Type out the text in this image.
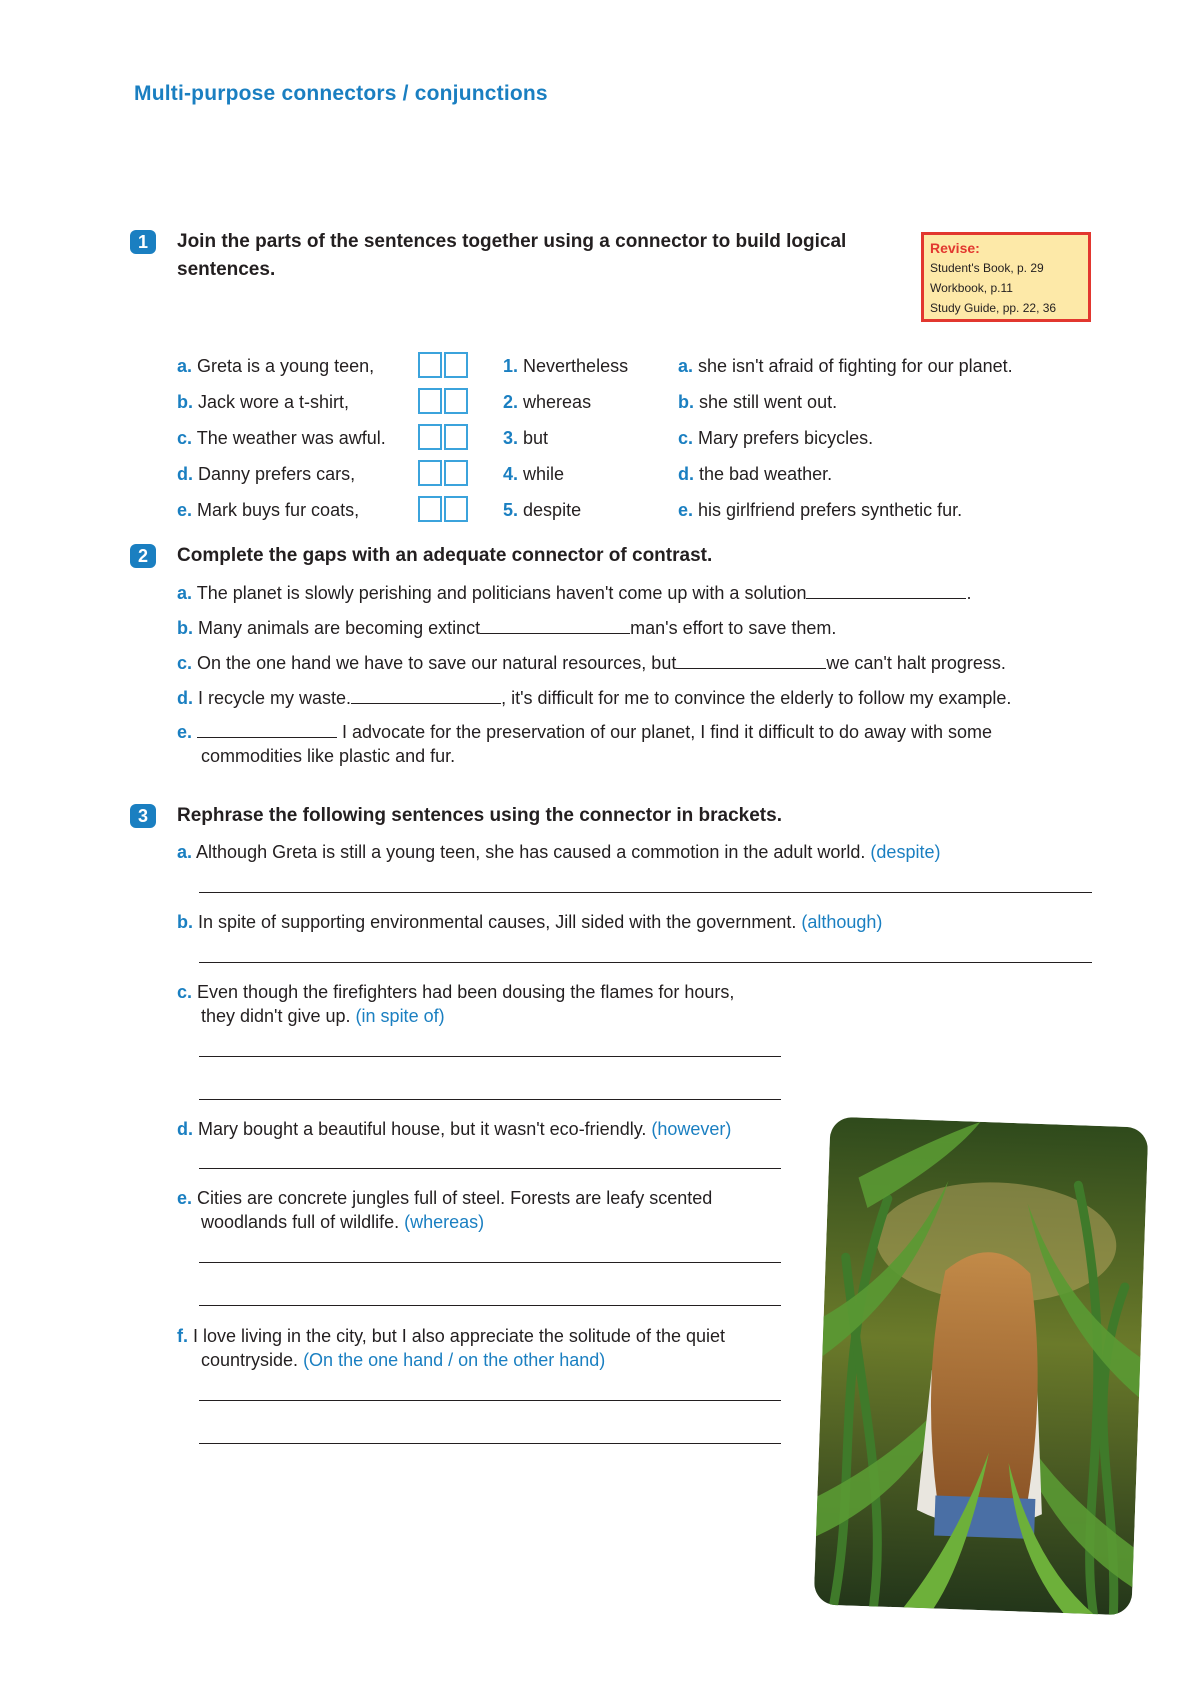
Multi-purpose connectors / conjunctions
1	Join the parts of the sentences together using a connector to build logical
sentences.
Revise:
Student's Book, p. 29
Workbook, p.11
Study Guide, pp. 22, 36
a. Greta is a young teen,	1. Nevertheless	a. she isn't afraid of fighting for our planet.
b. Jack wore a t-shirt,	2. whereas	b. she still went out.
c. The weather was awful.	3. but	c. Mary prefers bicycles.
d. Danny prefers cars,	4. while	d. the bad weather.
e. Mark buys fur coats,	5. despite	e. his girlfriend prefers synthetic fur.
2	Complete the gaps with an adequate connector of contrast.
a. The planet is slowly perishing and politicians haven't come up with a solution	.
b. Many animals are becoming extinct	man's effort to save them.
c. On the one hand we have to save our natural resources, but	we can't halt progress.
d. I recycle my waste.	, it's difficult for me to convince the elderly to follow my example.
e.	I advocate for the preservation of our planet, I find it difficult to do away with some
commodities like plastic and fur.
3	Rephrase the following sentences using the connector in brackets.
a. Although Greta is still a young teen, she has caused a commotion in the adult world. (despite)
b. In spite of supporting environmental causes, Jill sided with the government. (although)
c. Even though the firefighters had been dousing the flames for hours,
they didn't give up. (in spite of)
d. Mary bought a beautiful house, but it wasn't eco-friendly. (however)
e. Cities are concrete jungles full of steel. Forests are leafy scented
woodlands full of wildlife. (whereas)
f. I love living in the city, but I also appreciate the solitude of the quiet
countryside. (On the one hand / on the other hand)
